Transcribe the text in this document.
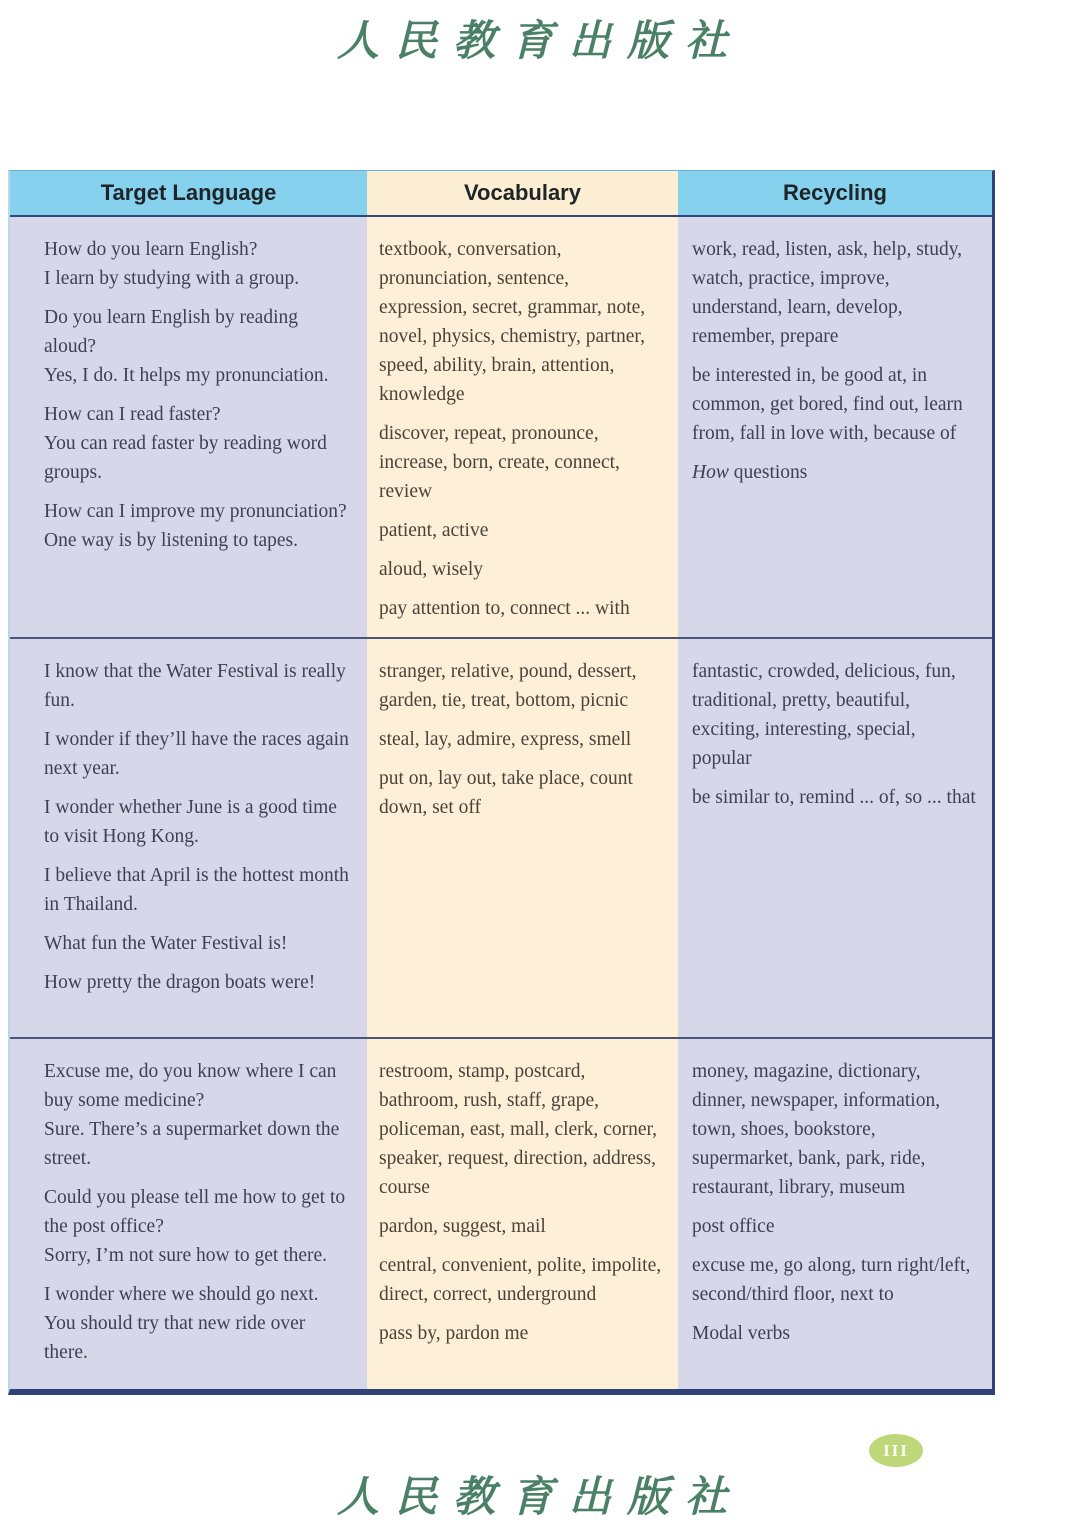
人民教育出版社
Target Language	Vocabulary	Recycling

How do you learn English?
I learn by studying with a group.

Do you learn English by reading aloud?
Yes, I do. It helps my pronunciation.

How can I read faster?
You can read faster by reading word groups.

How can I improve my pronunciation?
One way is by listening to tapes.

textbook, conversation, pronunciation, sentence, expression, secret, grammar, note, novel, physics, chemistry, partner, speed, ability, brain, attention, knowledge

discover, repeat, pronounce, increase, born, create, connect, review

patient, active

aloud, wisely

pay attention to, connect ... with

work, read, listen, ask, help, study, watch, practice, improve, understand, learn, develop, remember, prepare

be interested in, be good at, in common, get bored, find out, learn from, fall in love with, because of

How questions

I know that the Water Festival is really fun.

I wonder if they’ll have the races again next year.

I wonder whether June is a good time to visit Hong Kong.

I believe that April is the hottest month in Thailand.

What fun the Water Festival is!

How pretty the dragon boats were!

stranger, relative, pound, dessert, garden, tie, treat, bottom, picnic

steal, lay, admire, express, smell

put on, lay out, take place, count down, set off

fantastic, crowded, delicious, fun, traditional, pretty, beautiful, exciting, interesting, special, popular

be similar to, remind ... of, so ... that

Excuse me, do you know where I can buy some medicine?
Sure. There’s a supermarket down the street.

Could you please tell me how to get to the post office?
Sorry, I’m not sure how to get there.

I wonder where we should go next.
You should try that new ride over there.

restroom, stamp, postcard, bathroom, rush, staff, grape, policeman, east, mall, clerk, corner, speaker, request, direction, address, course

pardon, suggest, mail

central, convenient, polite, impolite, direct, correct, underground

pass by, pardon me

money, magazine, dictionary, dinner, newspaper, information, town, shoes, bookstore, supermarket, bank, park, ride, restaurant, library, museum

post office

excuse me, go along, turn right/left, second/third floor, next to

Modal verbs

III
人民教育出版社
